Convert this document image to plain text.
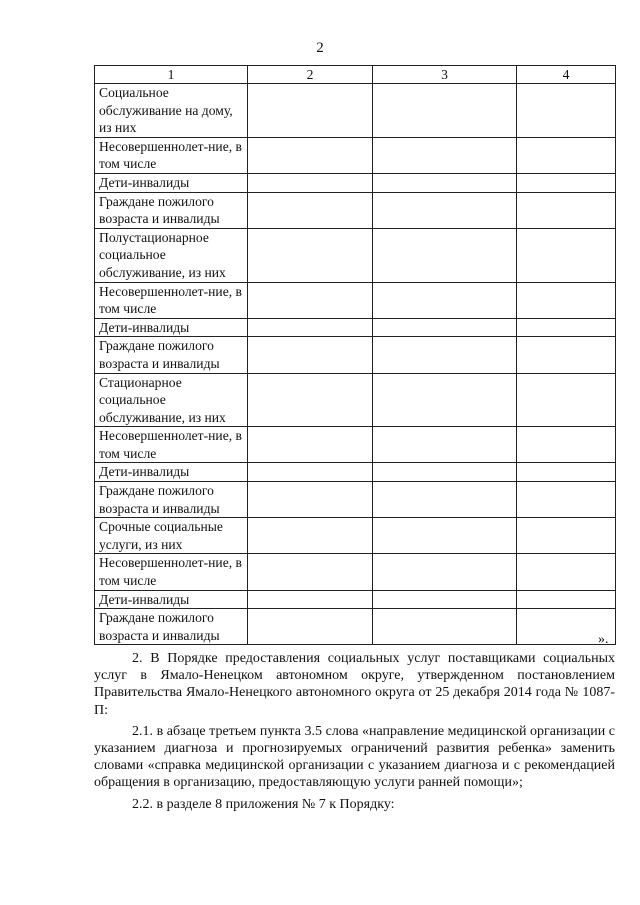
2
1	2	3	4
Социальное обслуживание на дому, из них			
Несовершеннолет-ние, в том числе			
Дети-инвалиды			
Граждане пожилого возраста и инвалиды			
Полустационарное социальное обслуживание, из них			
Несовершеннолет-ние, в том числе			
Дети-инвалиды			
Граждане пожилого возраста и инвалиды			
Стационарное социальное обслуживание, из них			
Несовершеннолет-ние, в том числе			
Дети-инвалиды			
Граждане пожилого возраста и инвалиды			
Срочные социальные услуги, из них			
Несовершеннолет-ние, в том числе			
Дети-инвалиды			
Граждане пожилого возраста и инвалиды				».

2. В Порядке предоставления социальных услуг поставщиками социальных услуг в Ямало-Ненецком автономном округе, утвержденном постановлением Правительства Ямало-Ненецкого автономного округа от 25 декабря 2014 года № 1087-П:

2.1. в абзаце третьем пункта 3.5 слова «направление медицинской организации с указанием диагноза и прогнозируемых ограничений развития ребенка» заменить словами «справка медицинской организации с указанием диагноза и с рекомендацией обращения в организацию, предоставляющую услуги ранней помощи»;

2.2. в разделе 8 приложения № 7 к Порядку:
